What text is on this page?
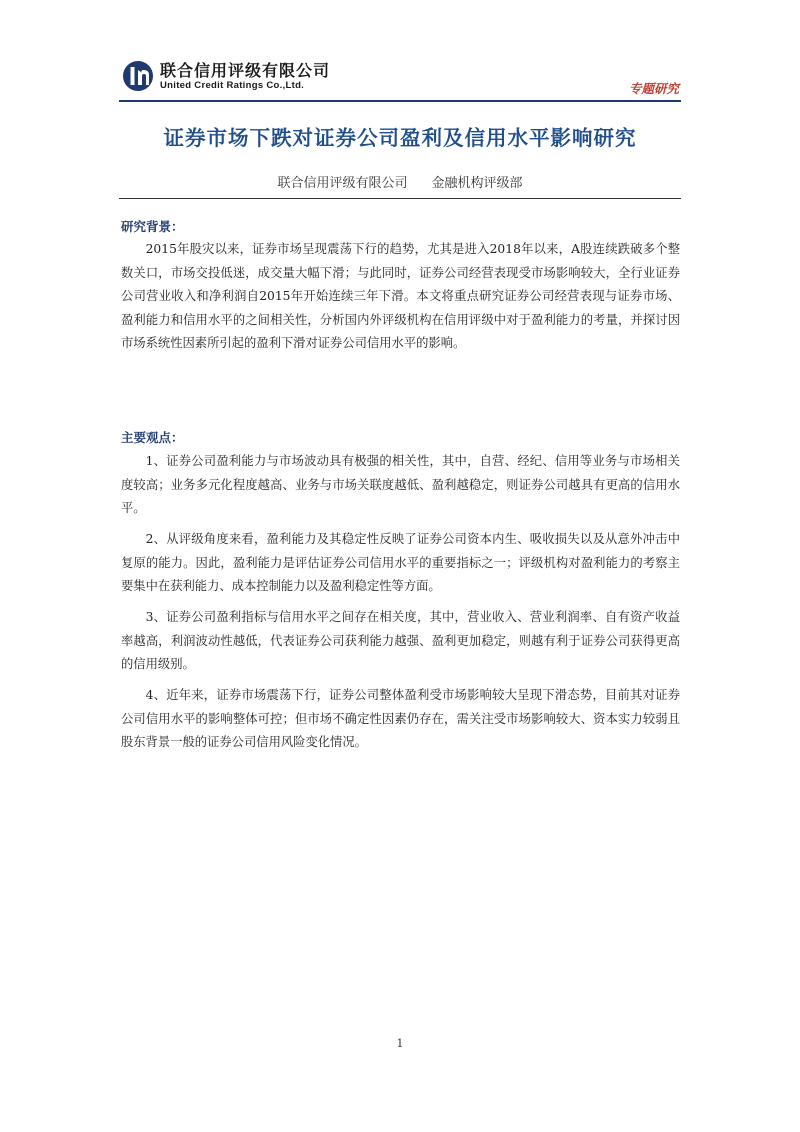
联合信用评级有限公司
United Credit Ratings Co.,Ltd.	专题研究
证券市场下跌对证券公司盈利及信用水平影响研究
联合信用评级有限公司 金融机构评级部
研究背景：

2015年股灾以来，证券市场呈现震荡下行的趋势，尤其是进入2018年以来，A股连续跌破多个整数关口，市场交投低迷，成交量大幅下滑；与此同时，证券公司经营表现受市场影响较大，全行业证券公司营业收入和净利润自2015年开始连续三年下滑。本文将重点研究证券公司经营表现与证券市场、盈利能力和信用水平的之间相关性，分析国内外评级机构在信用评级中对于盈利能力的考量，并探讨因市场系统性因素所引起的盈利下滑对证券公司信用水平的影响。

主要观点：

1、证券公司盈利能力与市场波动具有极强的相关性，其中，自营、经纪、信用等业务与市场相关度较高；业务多元化程度越高、业务与市场关联度越低、盈利越稳定，则证券公司越具有更高的信用水平。

2、从评级角度来看，盈利能力及其稳定性反映了证券公司资本内生、吸收损失以及从意外冲击中复原的能力。因此，盈利能力是评估证券公司信用水平的重要指标之一；评级机构对盈利能力的考察主要集中在获利能力、成本控制能力以及盈利稳定性等方面。

3、证券公司盈利指标与信用水平之间存在相关度，其中，营业收入、营业利润率、自有资产收益率越高，利润波动性越低，代表证券公司获利能力越强、盈利更加稳定，则越有利于证券公司获得更高的信用级别。

4、近年来，证券市场震荡下行，证券公司整体盈利受市场影响较大呈现下滑态势，目前其对证券公司信用水平的影响整体可控；但市场不确定性因素仍存在，需关注受市场影响较大、资本实力较弱且股东背景一般的证券公司信用风险变化情况。

1
